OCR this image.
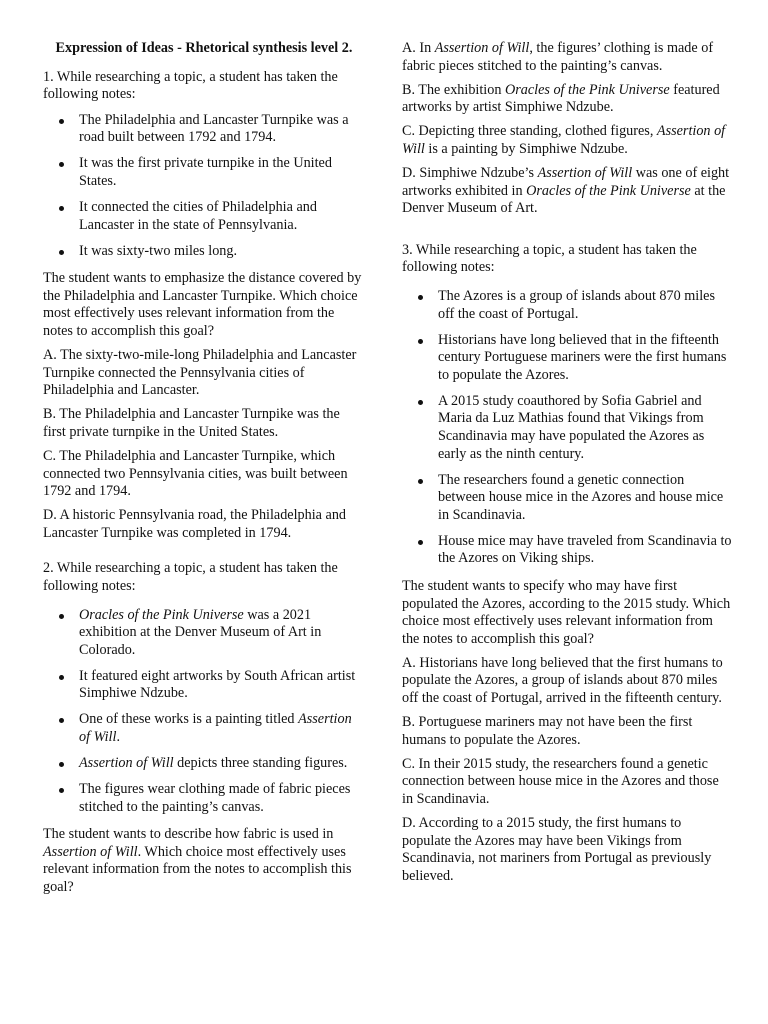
Expression of Ideas - Rhetorical synthesis level 2.

1. While researching a topic, a student has taken the following notes:

The Philadelphia and Lancaster Turnpike was a road built between 1792 and 1794.
It was the first private turnpike in the United States.
It connected the cities of Philadelphia and Lancaster in the state of Pennsylvania.
It was sixty-two miles long.

The student wants to emphasize the distance covered by the Philadelphia and Lancaster Turnpike. Which choice most effectively uses relevant information from the notes to accomplish this goal?

A. The sixty-two-mile-long Philadelphia and Lancaster Turnpike connected the Pennsylvania cities of Philadelphia and Lancaster.

B. The Philadelphia and Lancaster Turnpike was the first private turnpike in the United States.

C. The Philadelphia and Lancaster Turnpike, which connected two Pennsylvania cities, was built between 1792 and 1794.

D. A historic Pennsylvania road, the Philadelphia and Lancaster Turnpike was completed in 1794.

2. While researching a topic, a student has taken the following notes:

Oracles of the Pink Universe was a 2021 exhibition at the Denver Museum of Art in Colorado.
It featured eight artworks by South African artist Simphiwe Ndzube.
One of these works is a painting titled Assertion of Will.
Assertion of Will depicts three standing figures.
The figures wear clothing made of fabric pieces stitched to the painting’s canvas.

The student wants to describe how fabric is used in Assertion of Will. Which choice most effectively uses relevant information from the notes to accomplish this goal?

A. In Assertion of Will, the figures’ clothing is made of fabric pieces stitched to the painting’s canvas.

B. The exhibition Oracles of the Pink Universe featured artworks by artist Simphiwe Ndzube.

C. Depicting three standing, clothed figures, Assertion of Will is a painting by Simphiwe Ndzube.

D. Simphiwe Ndzube’s Assertion of Will was one of eight artworks exhibited in Oracles of the Pink Universe at the Denver Museum of Art.

3. While researching a topic, a student has taken the following notes:

The Azores is a group of islands about 870 miles off the coast of Portugal.
Historians have long believed that in the fifteenth century Portuguese mariners were the first humans to populate the Azores.
A 2015 study coauthored by Sofia Gabriel and Maria da Luz Mathias found that Vikings from Scandinavia may have populated the Azores as early as the ninth century.
The researchers found a genetic connection between house mice in the Azores and house mice in Scandinavia.
House mice may have traveled from Scandinavia to the Azores on Viking ships.

The student wants to specify who may have first populated the Azores, according to the 2015 study. Which choice most effectively uses relevant information from the notes to accomplish this goal?

A. Historians have long believed that the first humans to populate the Azores, a group of islands about 870 miles off the coast of Portugal, arrived in the fifteenth century.

B. Portuguese mariners may not have been the first humans to populate the Azores.

C. In their 2015 study, the researchers found a genetic connection between house mice in the Azores and those in Scandinavia.

D. According to a 2015 study, the first humans to populate the Azores may have been Vikings from Scandinavia, not mariners from Portugal as previously believed.
